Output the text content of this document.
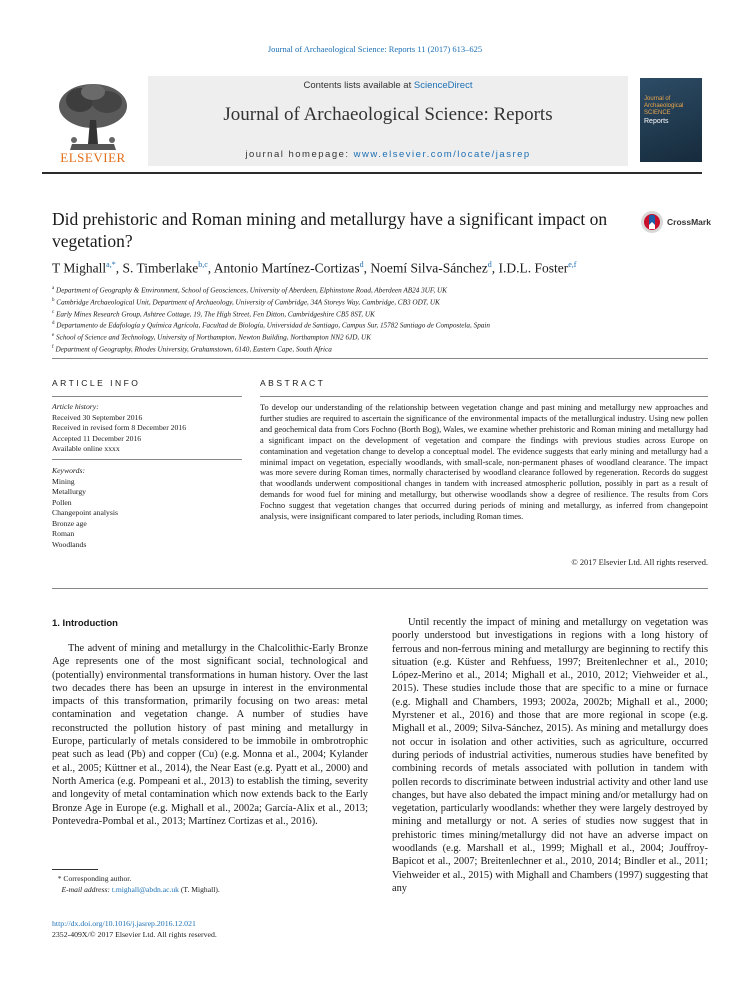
Journal of Archaeological Science: Reports 11 (2017) 613–625
ELSEVIER
Contents lists available at ScienceDirect
Journal of Archaeological Science: Reports
journal homepage: www.elsevier.com/locate/jasrep
Journal of Archaeological SCIENCE
Reports
Did prehistoric and Roman mining and metallurgy have a significant impact on vegetation?
CrossMark
T Mighall$^{a,*}$, S. Timberlake$^{b,c}$, Antonio Martínez-Cortizas$^d$, Noemí Silva-Sánchez$^d$, I.D.L. Foster$^{e,f}$
$^a$ Department of Geography & Environment, School of Geosciences, University of Aberdeen, Elphinstone Road, Aberdeen AB24 3UF, UK
$^b$ Cambridge Archaeological Unit, Department of Archaeology, University of Cambridge, 34A Storeys Way, Cambridge, CB3 ODT, UK
$^c$ Early Mines Research Group, Ashtree Cottage, 19, The High Street, Fen Ditton, Cambridgeshire CB5 8ST, UK
$^d$ Departamento de Edafología y Química Agrícola, Facultad de Biología, Universidad de Santiago, Campus Sur, 15782 Santiago de Compostela, Spain
$^e$ School of Science and Technology, University of Northampton, Newton Building, Northampton NN2 6JD, UK
$^f$ Department of Geography, Rhodes University, Grahamstown, 6140, Eastern Cape, South Africa
ARTICLE INFO	ABSTRACT
Article history:
Received 30 September 2016
Received in revised form 8 December 2016
Accepted 11 December 2016
Available online xxxx
Keywords:
Mining
Metallurgy
Pollen
Changepoint analysis
Bronze age
Roman
Woodlands
To develop our understanding of the relationship between vegetation change and past mining and metallurgy new approaches and further studies are required to ascertain the significance of the environmental impacts of the metallurgical industry. Using new pollen and geochemical data from Cors Fochno (Borth Bog), Wales, we examine whether prehistoric and Roman mining and metallurgy had a significant impact on the development of vegetation and compare the findings with previous studies across Europe on contamination and vegetation change to develop a conceptual model. The evidence suggests that early mining and metallurgy had a minimal impact on vegetation, especially woodlands, with small-scale, non-permanent phases of woodland clearance. The impact was more severe during Roman times, normally characterised by woodland clearance followed by regeneration. Records do suggest that woodlands underwent compositional changes in tandem with increased atmospheric pollution, possibly in part as a result of demands for wood fuel for mining and metallurgy, but otherwise woodlands show a degree of resilience. The results from Cors Fochno suggest that vegetation changes that occurred during periods of mining and metallurgy, as inferred from changepoint analysis, were insignificant compared to later periods, including Roman times.
© 2017 Elsevier Ltd. All rights reserved.
1. Introduction
The advent of mining and metallurgy in the Chalcolithic-Early Bronze Age represents one of the most significant social, technological and (potentially) environmental transformations in human history. Over the last two decades there has been an upsurge in interest in the environmental impacts of this transformation, primarily focusing on two areas: metal contamination and vegetation change. A number of studies have reconstructed the pollution history of past mining and metallurgy in Europe, particularly of metals considered to be immobile in ombrotrophic peat such as lead (Pb) and copper (Cu) (e.g. Monna et al., 2004; Kylander et al., 2005; Küttner et al., 2014), the Near East (e.g. Pyatt et al., 2000) and North America (e.g. Pompeani et al., 2013) to establish the timing, severity and longevity of metal contamination which now extends back to the Early Bronze Age in Europe (e.g. Mighall et al., 2002a; García-Alix et al., 2013; Pontevedra-Pombal et al., 2013; Martínez Cortizas et al., 2016).
Until recently the impact of mining and metallurgy on vegetation was poorly understood but investigations in regions with a long history of ferrous and non-ferrous mining and metallurgy are beginning to rectify this situation (e.g. Küster and Rehfuess, 1997; Breitenlechner et al., 2010; López-Merino et al., 2014; Mighall et al., 2010, 2012; Viehweider et al., 2015). These studies include those that are specific to a mine or furnace (e.g. Mighall and Chambers, 1993; 2002a, 2002b; Mighall et al., 2000; Myrstener et al., 2016) and those that are more regional in scope (e.g. Mighall et al., 2009; Silva-Sánchez, 2015). As mining and metallurgy does not occur in isolation and other activities, such as agriculture, occurred during periods of industrial activities, numerous studies have benefited by combining records of metals associated with pollution in tandem with pollen records to discriminate between industrial activity and other land use changes, but have also debated the impact mining and/or metallurgy had on vegetation, particularly woodlands: whether they were largely destroyed by mining and metallurgy or not. A series of studies now suggest that in prehistoric times mining/metallurgy did not have an adverse impact on woodlands (e.g. Marshall et al., 1999; Mighall et al., 2004; Jouffroy-Bapicot et al., 2007; Breitenlechner et al., 2010, 2014; Bindler et al., 2011; Viehweider et al., 2015) with Mighall and Chambers (1997) suggesting that any
* Corresponding author.
E-mail address: t.mighall@abdn.ac.uk (T. Mighall).
http://dx.doi.org/10.1016/j.jasrep.2016.12.021
2352-409X/© 2017 Elsevier Ltd. All rights reserved.
